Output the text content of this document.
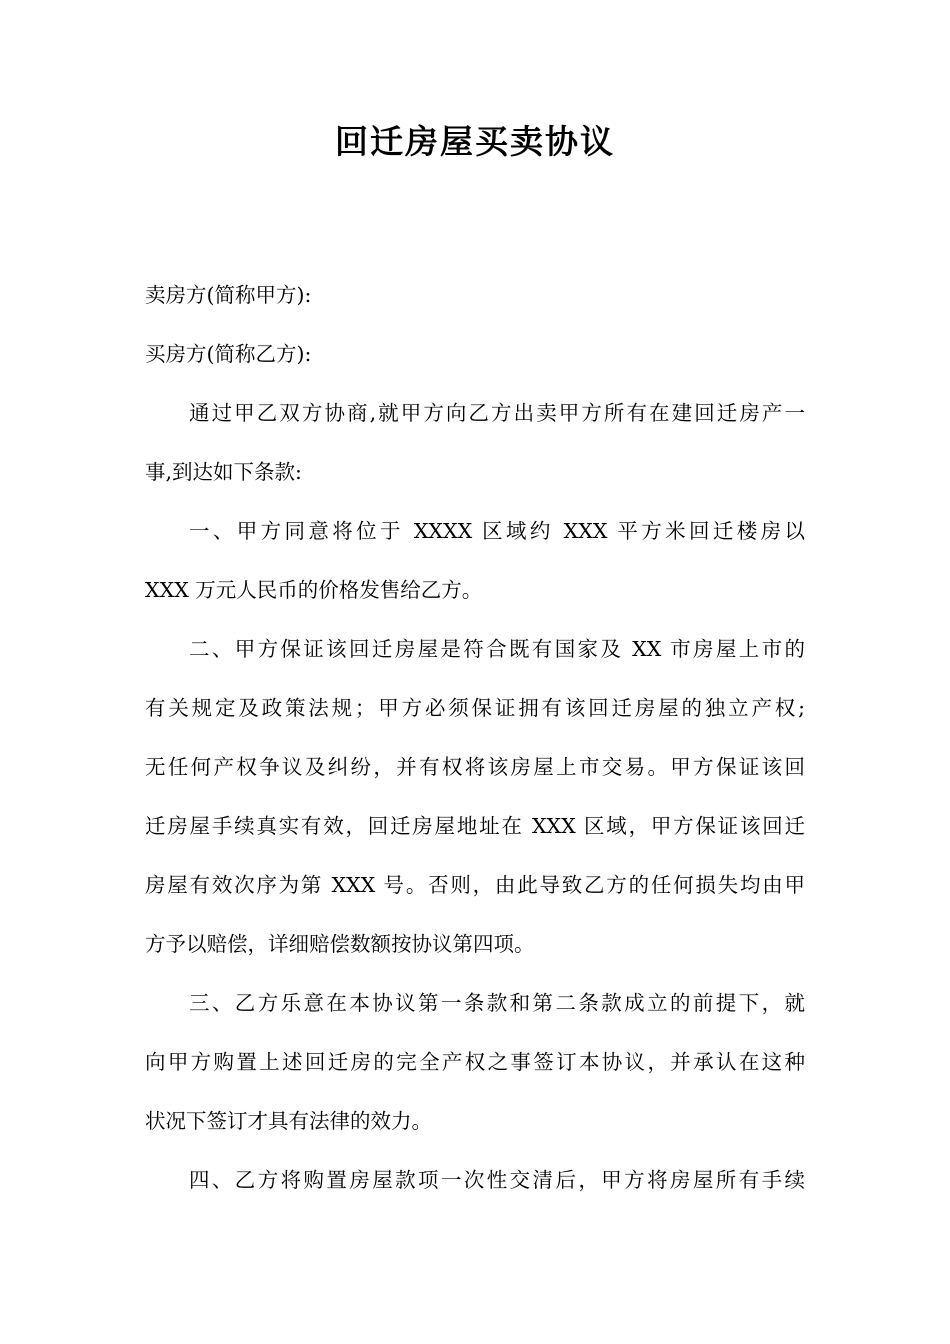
回迁房屋买卖协议
卖房方(简称甲方):
买房方(简称乙方):
通过甲乙双方协商,就甲方向乙方出卖甲方所有在建回迁房产一
事,到达如下条款:
一、甲方同意将位于 XXXX 区域约 XXX 平方米回迁楼房以
XXX 万元人民币的价格发售给乙方。
二、甲方保证该回迁房屋是符合既有国家及 XX 市房屋上市的
有关规定及政策法规；甲方必须保证拥有该回迁房屋的独立产权;
无任何产权争议及纠纷，并有权将该房屋上市交易。甲方保证该回
迁房屋手续真实有效，回迁房屋地址在 XXX 区域，甲方保证该回迁
房屋有效次序为第 XXX 号。否则，由此导致乙方的任何损失均由甲
方予以赔偿，详细赔偿数额按协议第四项。
三、乙方乐意在本协议第一条款和第二条款成立的前提下，就
向甲方购置上述回迁房的完全产权之事签订本协议，并承认在这种
状况下签订才具有法律的效力。
四、乙方将购置房屋款项一次性交清后，甲方将房屋所有手续
